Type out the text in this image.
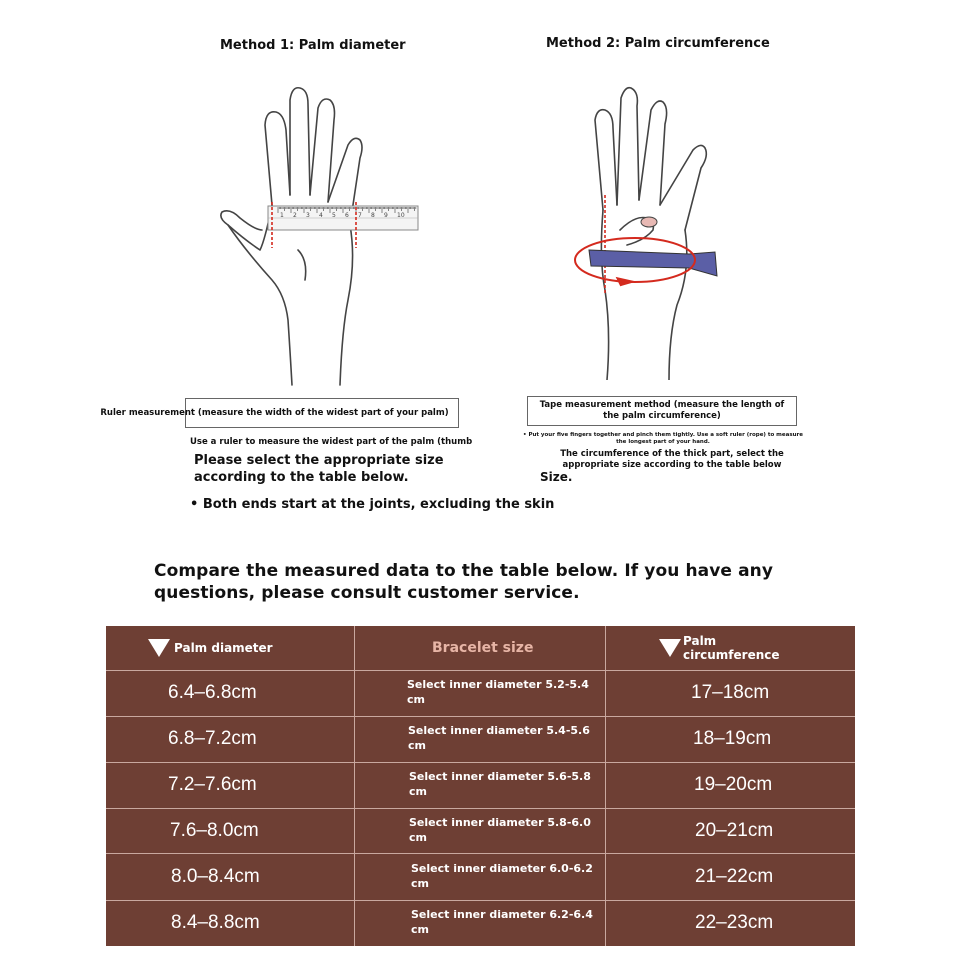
Method 1: Palm diameter	Method 2: Palm circumference
1 2 3 4 5 6 7 8 9 10
Ruler measurement (measure the width of the widest part of your palm)
Use a ruler to measure the widest part of the palm (thumb
Please select the appropriate size according to the table below.
• Both ends start at the joints, excluding the skin
Tape measurement method (measure the length of the palm circumference)
• Put your five fingers together and pinch them tightly. Use a soft ruler (rope) to measure the longest part of your hand.
The circumference of the thick part, select the appropriate size according to the table below
Size.
Compare the measured data to the table below. If you have any questions, please consult customer service.
Palm diameter	Bracelet size	Palm circumference
6.4–6.8cm	Select inner diameter 5.2-5.4 cm	17–18cm
6.8–7.2cm	Select inner diameter 5.4-5.6 cm	18–19cm
7.2–7.6cm	Select inner diameter 5.6-5.8 cm	19–20cm
7.6–8.0cm	Select inner diameter 5.8-6.0 cm	20–21cm
8.0–8.4cm	Select inner diameter 6.0-6.2 cm	21–22cm
8.4–8.8cm	Select inner diameter 6.2-6.4 cm	22–23cm
